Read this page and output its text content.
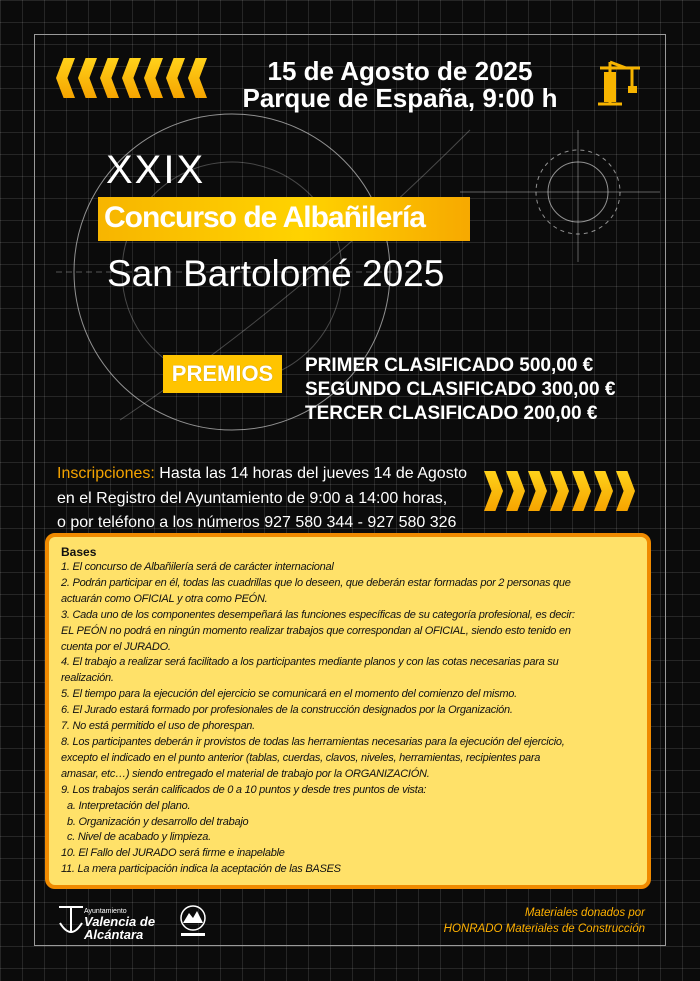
15 de Agosto de 2025
Parque de España, 9:00 h
XXIX
Concurso de Albañilería
San Bartolomé 2025
PREMIOS	PRIMER CLASIFICADO 500,00 €
SEGUNDO CLASIFICADO 300,00 €
TERCER CLASIFICADO 200,00 €
Inscripciones: Hasta las 14 horas del jueves 14 de Agosto
en el Registro del Ayuntamiento de 9:00 a 14:00 horas,
o por teléfono a los números 927 580 344 - 927 580 326
Bases
1. El concurso de Albañilería será de carácter internacional
2. Podrán participar en él, todas las cuadrillas que lo deseen, que deberán estar formadas por 2 personas que
actuarán como OFICIAL y otra como PEÓN.
3. Cada uno de los componentes desempeñará las funciones específicas de su categoría profesional, es decir:
EL PEÓN no podrá en ningún momento realizar trabajos que correspondan al OFICIAL, siendo esto tenido en
cuenta por el JURADO.
4. El trabajo a realizar será facilitado a los participantes mediante planos y con las cotas necesarias para su
realización.
5. El tiempo para la ejecución del ejercicio se comunicará en el momento del comienzo del mismo.
6. El Jurado estará formado por profesionales de la construcción designados por la Organización.
7. No está permitido el uso de phorespan.
8. Los participantes deberán ir provistos de todas las herramientas necesarias para la ejecución del ejercicio,
excepto el indicado en el punto anterior (tablas, cuerdas, clavos, niveles, herramientas, recipientes para
amasar, etc…) siendo entregado el material de trabajo por la ORGANIZACIÓN.
9. Los trabajos serán calificados de 0 a 10 puntos y desde tres puntos de vista:
a. Interpretación del plano.
b. Organización y desarrollo del trabajo
c. Nivel de acabado y limpieza.
10. El Fallo del JURADO será firme e inapelable
11. La mera participación indica la aceptación de las BASES
Ayuntamiento
Valencia de
Alcántara
Materiales donados por
HONRADO Materiales de Construcción
